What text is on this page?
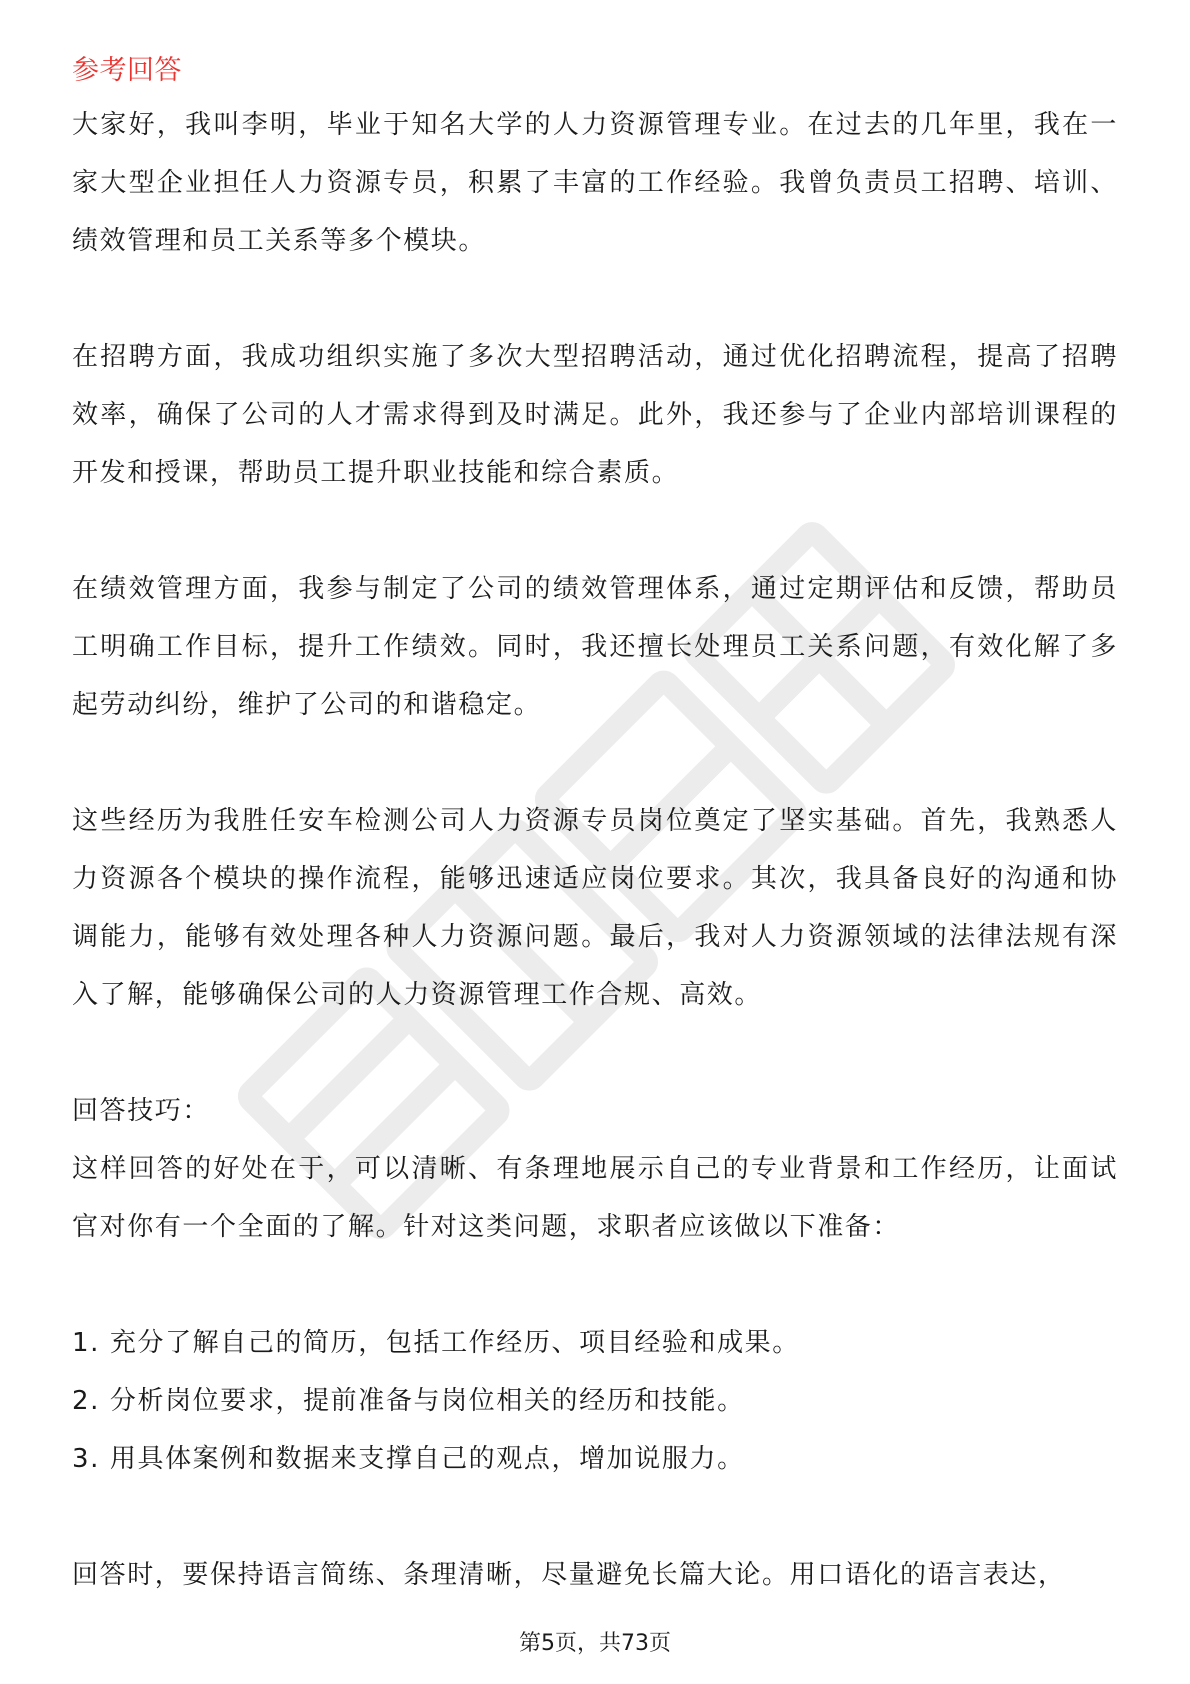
参考回答

大家好，我叫李明，毕业于知名大学的人力资源管理专业。在过去的几年里，我在一家大型企业担任人力资源专员，积累了丰富的工作经验。我曾负责员工招聘、培训、绩效管理和员工关系等多个模块。

在招聘方面，我成功组织实施了多次大型招聘活动，通过优化招聘流程，提高了招聘效率，确保了公司的人才需求得到及时满足。此外，我还参与了企业内部培训课程的开发和授课，帮助员工提升职业技能和综合素质。

在绩效管理方面，我参与制定了公司的绩效管理体系，通过定期评估和反馈，帮助员工明确工作目标，提升工作绩效。同时，我还擅长处理员工关系问题，有效化解了多起劳动纠纷，维护了公司的和谐稳定。

这些经历为我胜任安车检测公司人力资源专员岗位奠定了坚实基础。首先，我熟悉人力资源各个模块的操作流程，能够迅速适应岗位要求。其次，我具备良好的沟通和协调能力，能够有效处理各种人力资源问题。最后，我对人力资源领域的法律法规有深入了解，能够确保公司的人力资源管理工作合规、高效。

回答技巧：

这样回答的好处在于，可以清晰、有条理地展示自己的专业背景和工作经历，让面试官对你有一个全面的了解。针对这类问题，求职者应该做以下准备：

1. 充分了解自己的简历，包括工作经历、项目经验和成果。

2. 分析岗位要求，提前准备与岗位相关的经历和技能。

3. 用具体案例和数据来支撑自己的观点，增加说服力。

回答时，要保持语言简练、条理清晰，尽量避免长篇大论。用口语化的语言表达，

第5页，共73页
